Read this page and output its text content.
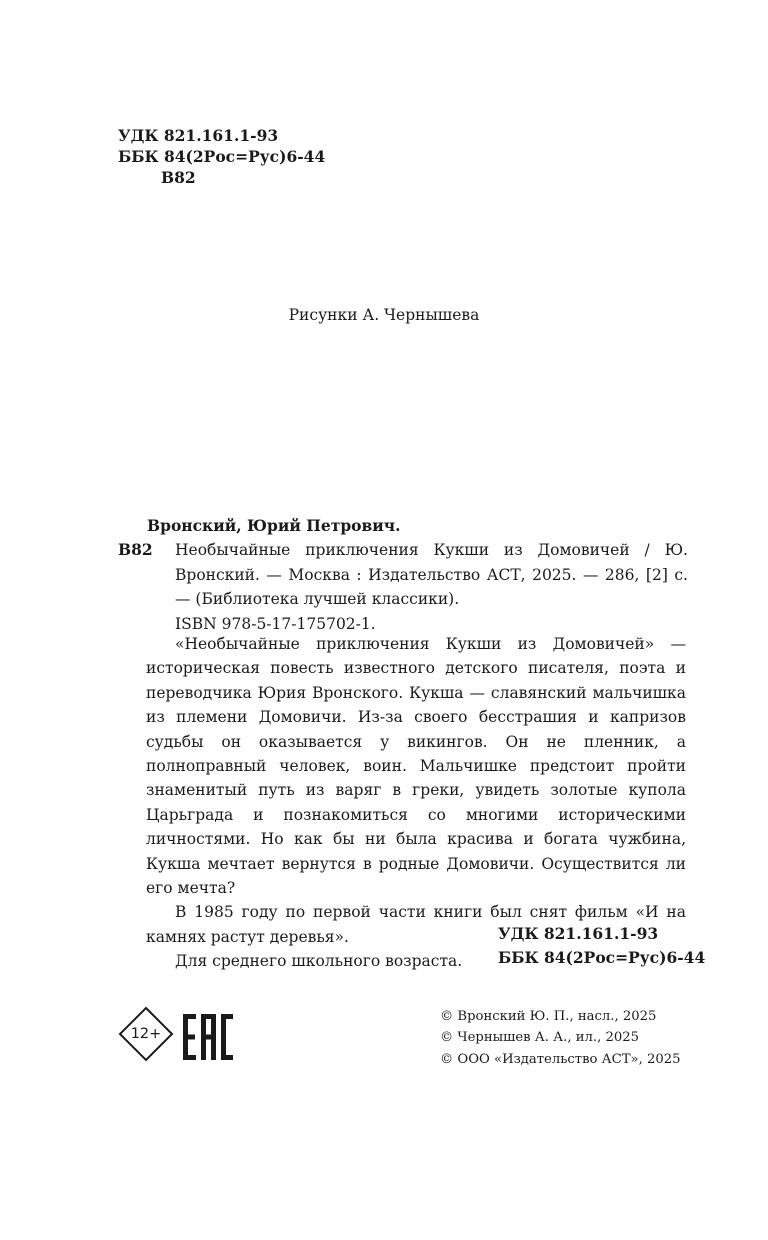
УДК 821.161.1-93
ББК 84(2Рос=Рус)6-44
В82
Рисунки А. Чернышева
Вронский, Юрий Петрович.
В82 Необычайные приключения Кукши из Домовичей / Ю. Вронский. — Москва : Издательство АСТ, 2025. — 286, [2] с. — (Библиотека лучшей классики).
ISBN 978-5-17-175702-1.

«Необычайные приключения Кукши из Домовичей» — историческая повесть известного детского писателя, поэта и переводчика Юрия Вронского. Кукша — славянский мальчишка из племени Домовичи. Из-за своего бесстрашия и капризов судьбы он оказывается у викингов. Он не пленник, а полноправный человек, воин. Мальчишке предстоит пройти знаменитый путь из варяг в греки, увидеть золотые купола Царьграда и познакомиться со многими историческими личностями. Но как бы ни была красива и богата чужбина, Кукша мечтает вернутся в родные Домовичи. Осуществится ли его мечта?

В 1985 году по первой части книги был снят фильм «И на камнях растут деревья».

Для среднего школьного возраста.

УДК 821.161.1-93
ББК 84(2Рос=Рус)6-44
12+
© Вронский Ю. П., насл., 2025
© Чернышев А. А., ил., 2025
© ООО «Издательство АСТ», 2025
